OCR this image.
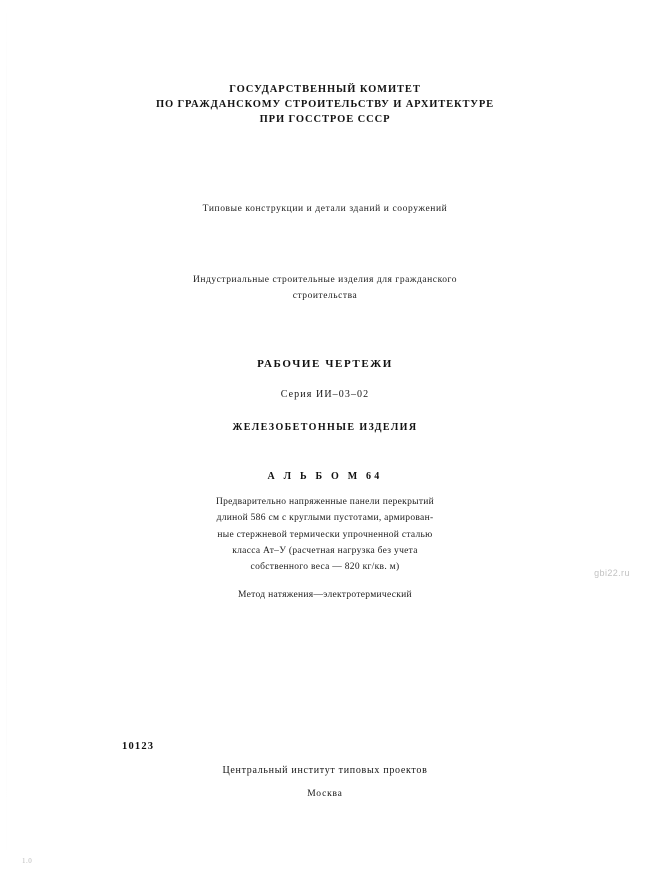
ГОСУДАРСТВЕННЫЙ КОМИТЕТ
ПО ГРАЖДАНСКОМУ СТРОИТЕЛЬСТВУ И АРХИТЕКТУРЕ
ПРИ ГОССТРОЕ СССР
Типовые конструкции и детали зданий и сооружений
Индустриальные строительные изделия для гражданского
строительства
РАБОЧИЕ ЧЕРТЕЖИ
Серия ИИ–03–02
ЖЕЛЕЗОБЕТОННЫЕ ИЗДЕЛИЯ
А Л Ь Б О М 64
Предварительно напряженные панели перекрытий
длиной 586 см с круглыми пустотами, армирован-
ные стержневой термически упрочненной сталью
класса Ат–У (расчетная нагрузка без учета
собственного веса — 820 кг/кв. м)
Метод натяжения—электротермический
gbi22.ru
10123
Центральный институт типовых проектов
Москва
1.0
